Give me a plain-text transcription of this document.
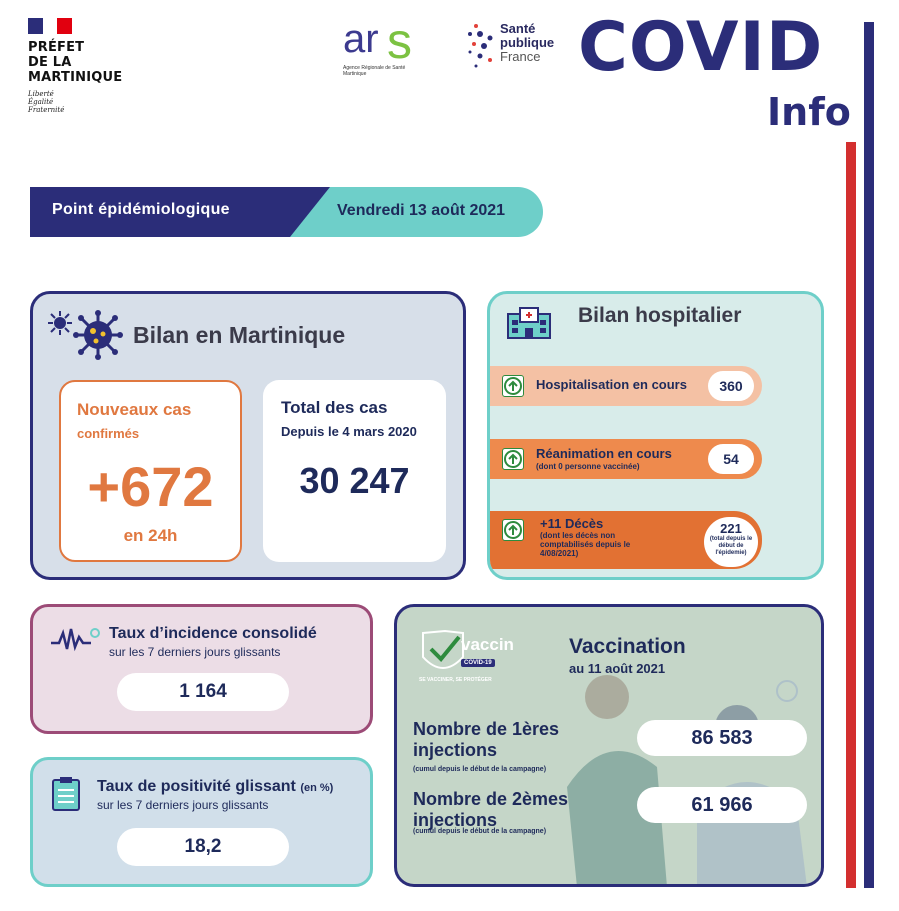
PRÉFET
DE LA
MARTINIQUE
Liberté
Égalité
Fraternité
ar s
Agence Régionale de Santé Martinique
Santé
publique
France COVID
Info
Point épidémiologique	Vendredi 13 août 2021
Bilan en Martinique
Nouveaux cas
confirmés
+672
en 24h
Total des cas
Depuis le 4 mars 2020
30 247
Bilan hospitalier
Hospitalisation en cours	360
Réanimation en cours
(dont 0 personne vaccinée)	54
+11 Décès
(dont les décès non comptabilisés depuis le 4/08/2021)
221
(total depuis le début de l'épidemie)
Taux d’incidence consolidé
sur les 7 derniers jours glissants
1 164
Taux de positivité glissant (en %)
sur les 7 derniers jours glissants
18,2
vaccin
COVID-19
SE VACCINER, SE PROTÉGER
Vaccination
au 11 août 2021
Nombre de 1ères
injections
(cumul depuis le début de la campagne)
86 583
Nombre de 2èmes
injections
(cumul depuis le début de la campagne)
61 966
